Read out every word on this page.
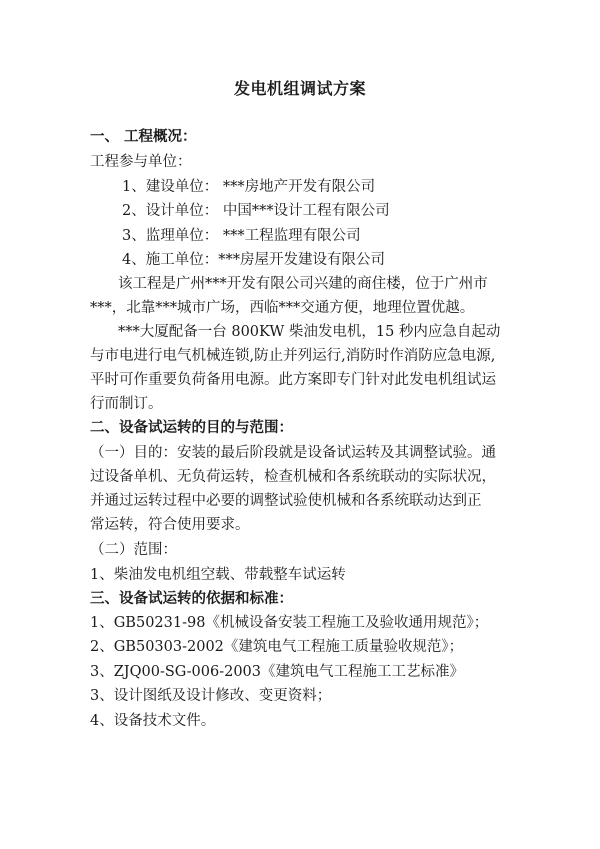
发电机组调试方案
一、 工程概况：
工程参与单位：
1、建设单位： ***房地产开发有限公司
2、设计单位： 中国***设计工程有限公司
3、监理单位： ***工程监理有限公司
4、施工单位：***房屋开发建设有限公司
该工程是广州***开发有限公司兴建的商住楼，位于广州市
***，北靠***城市广场，西临***交通方便，地理位置优越。
***大厦配备一台 800KW 柴油发电机，15 秒内应急自起动
与市电进行电气机械连锁,防止并列运行,消防时作消防应急电源,
平时可作重要负荷备用电源。此方案即专门针对此发电机组试运
行而制订。
二、设备试运转的目的与范围：
（一）目的：安装的最后阶段就是设备试运转及其调整试验。通
过设备单机、无负荷运转，检查机械和各系统联动的实际状况，
并通过运转过程中必要的调整试验使机械和各系统联动达到正
常运转，符合使用要求。
（二）范围：
1、柴油发电机组空载、带载整车试运转
三、设备试运转的依据和标准：
1、GB50231-98《机械设备安装工程施工及验收通用规范》；
2、GB50303-2002《建筑电气工程施工质量验收规范》；
3、ZJQ00-SG-006-2003《建筑电气工程施工工艺标准》
3、设计图纸及设计修改、变更资料；
4、设备技术文件。
